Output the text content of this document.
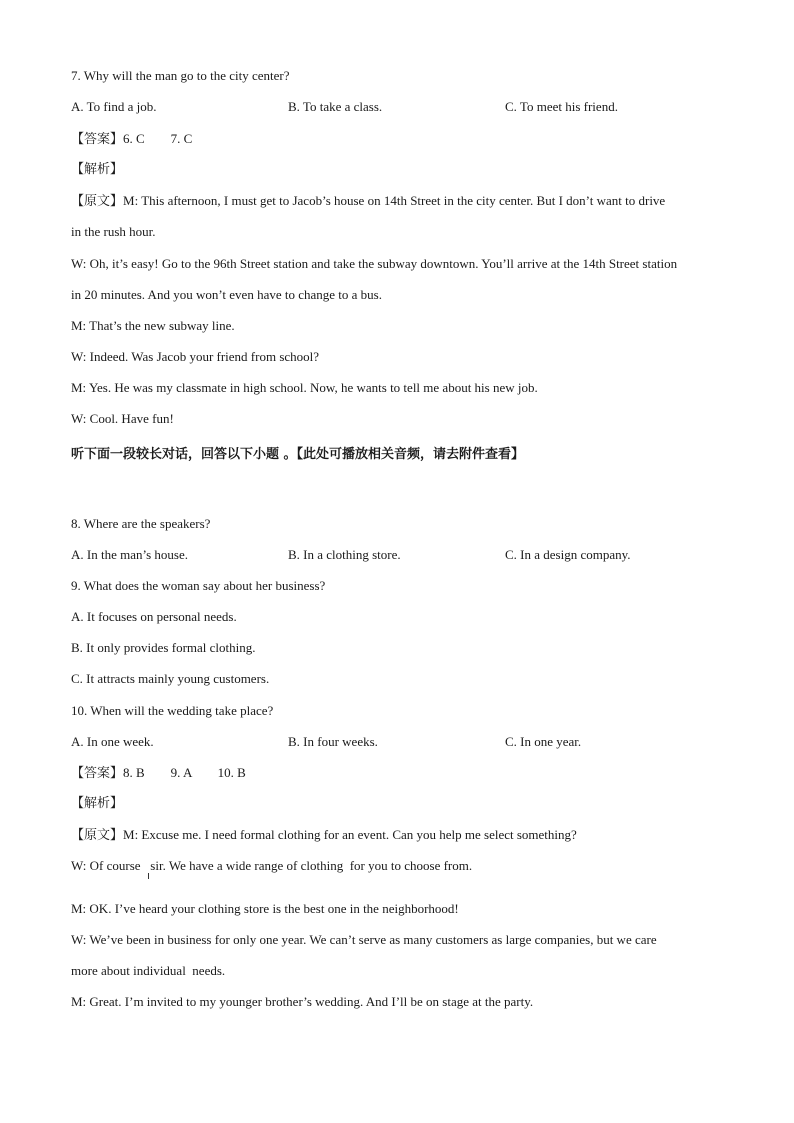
7. Why will the man go to the city center?
A. To find a job.	B. To take a class.	C. To meet his friend.
【答案】6. C        7. C
【解析】
【原文】M: This afternoon, I must get to Jacob’s house on 14th Street in the city center. But I don’t want to drive
in the rush hour.
W: Oh, it’s easy! Go to the 96th Street station and take the subway downtown. You’ll arrive at the 14th Street station
in 20 minutes. And you won’t even have to change to a bus.
M: That’s the new subway line.
W: Indeed. Was Jacob your friend from school?
M: Yes. He was my classmate in high school. Now, he wants to tell me about his new job.
W: Cool. Have fun!
听下面一段较长对话，回答以下小题 。【此处可播放相关音频，请去附件查看】
8. Where are the speakers?
A. In the man’s house.	B. In a clothing store.	C. In a design company.
9. What does the woman say about her business?
A. It focuses on personal needs.
B. It only provides formal clothing.
C. It attracts mainly young customers.
10. When will the wedding take place?
A. In one week.	B. In four weeks.	C. In one year.
【答案】8. B        9. A        10. B
【解析】
【原文】M: Excuse me. I need formal clothing for an event. Can you help me select something?
W: Of course   sir. We have a wide range of clothing  for you to choose from.
M: OK. I’ve heard your clothing store is the best one in the neighborhood!
W: We’ve been in business for only one year. We can’t serve as many customers as large companies, but we care
more about individual  needs.
M: Great. I’m invited to my younger brother’s wedding. And I’ll be on stage at the party.
